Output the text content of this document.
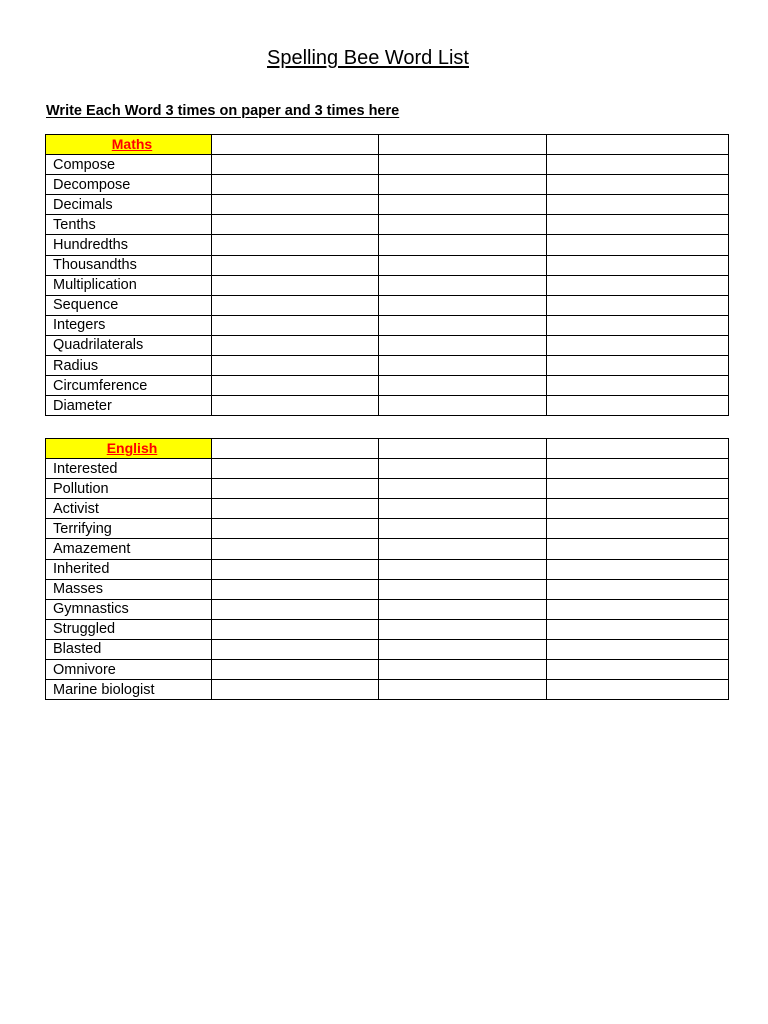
Spelling Bee Word List

Write Each Word 3 times on paper and 3 times here

Maths			
Compose			
Decompose			
Decimals			
Tenths			
Hundredths			
Thousandths			
Multiplication			
Sequence			
Integers			
Quadrilaterals			
Radius			
Circumference			
Diameter			
English			
Interested			
Pollution			
Activist			
Terrifying			
Amazement			
Inherited			
Masses			
Gymnastics			
Struggled			
Blasted			
Omnivore			
Marine biologist			
